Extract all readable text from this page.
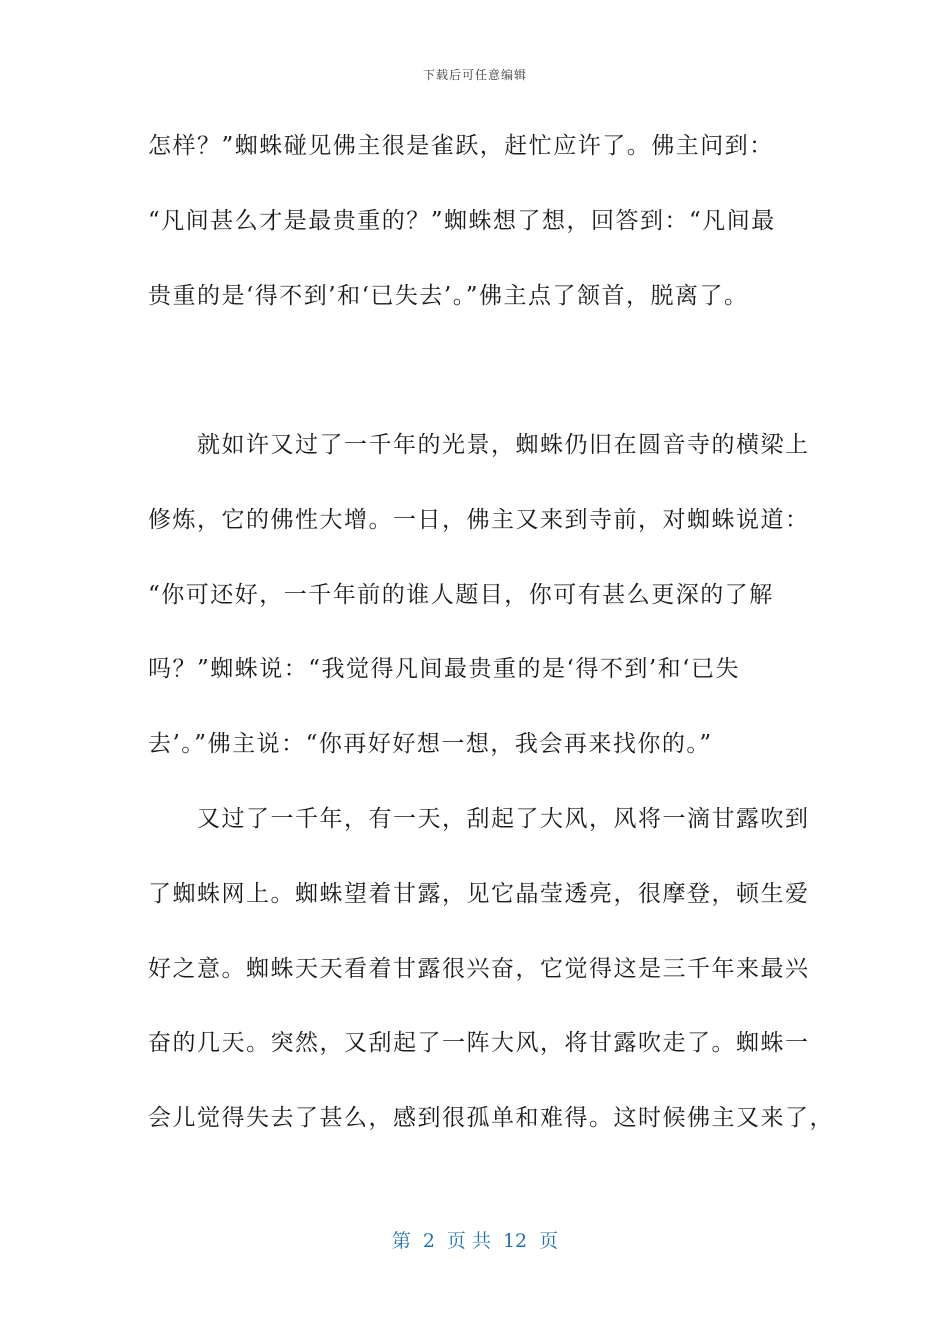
下载后可任意编辑
怎样？”蜘蛛碰见佛主很是雀跃，赶忙应许了。佛主问到：
“凡间甚么才是最贵重的？”蜘蛛想了想，回答到：“凡间最
贵重的是‘得不到’和‘已失去’。”佛主点了颔首，脱离了。
　　就如许又过了一千年的光景，蜘蛛仍旧在圆音寺的横梁上
修炼，它的佛性大增。一日，佛主又来到寺前，对蜘蛛说道：
“你可还好，一千年前的谁人题目，你可有甚么更深的了解
吗？”蜘蛛说：“我觉得凡间最贵重的是‘得不到’和‘已失
去’。”佛主说：“你再好好想一想，我会再来找你的。”
　　又过了一千年，有一天，刮起了大风，风将一滴甘露吹到
了蜘蛛网上。蜘蛛望着甘露，见它晶莹透亮，很摩登，顿生爱
好之意。蜘蛛天天看着甘露很兴奋，它觉得这是三千年来最兴
奋的几天。突然，又刮起了一阵大风，将甘露吹走了。蜘蛛一
会儿觉得失去了甚么，感到很孤单和难得。这时候佛主又来了，
第 2 页 共 12 页
